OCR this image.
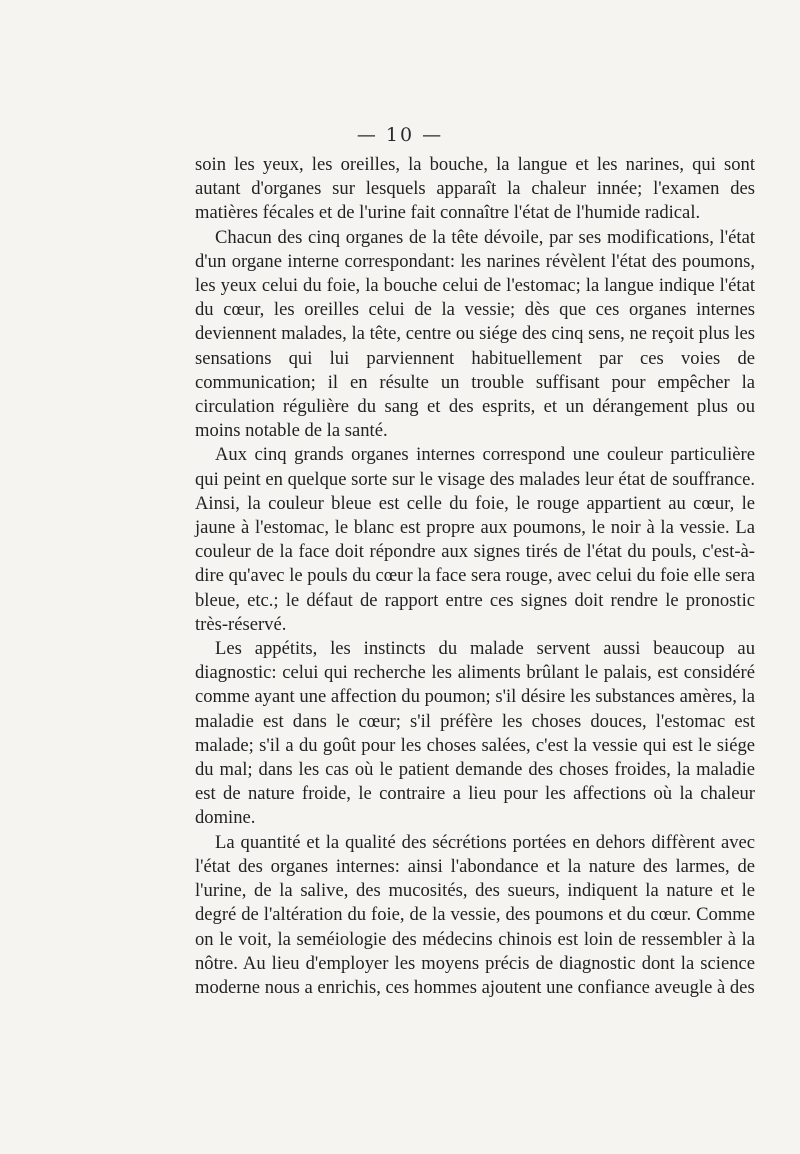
— 10 —

soin les yeux, les oreilles, la bouche, la langue et les narines, qui sont autant d'organes sur lesquels apparaît la chaleur innée; l'examen des matières fécales et de l'urine fait connaître l'état de l'humide radical.

Chacun des cinq organes de la tête dévoile, par ses modifications, l'état d'un organe interne correspondant: les narines révèlent l'état des poumons, les yeux celui du foie, la bouche celui de l'estomac; la langue indique l'état du cœur, les oreilles celui de la vessie; dès que ces organes internes deviennent malades, la tête, centre ou siége des cinq sens, ne reçoit plus les sensations qui lui parviennent habituellement par ces voies de communication; il en résulte un trouble suffisant pour empêcher la circulation régulière du sang et des esprits, et un dérangement plus ou moins notable de la santé.

Aux cinq grands organes internes correspond une couleur particulière qui peint en quelque sorte sur le visage des malades leur état de souffrance. Ainsi, la couleur bleue est celle du foie, le rouge appartient au cœur, le jaune à l'estomac, le blanc est propre aux poumons, le noir à la vessie. La couleur de la face doit répondre aux signes tirés de l'état du pouls, c'est-à-dire qu'avec le pouls du cœur la face sera rouge, avec celui du foie elle sera bleue, etc.; le défaut de rapport entre ces signes doit rendre le pronostic très-réservé.

Les appétits, les instincts du malade servent aussi beaucoup au diagnostic: celui qui recherche les aliments brûlant le palais, est considéré comme ayant une affection du poumon; s'il désire les substances amères, la maladie est dans le cœur; s'il préfère les choses douces, l'estomac est malade; s'il a du goût pour les choses salées, c'est la vessie qui est le siége du mal; dans les cas où le patient demande des choses froides, la maladie est de nature froide, le contraire a lieu pour les affections où la chaleur domine.

La quantité et la qualité des sécrétions portées en dehors diffèrent avec l'état des organes internes: ainsi l'abondance et la nature des larmes, de l'urine, de la salive, des mucosités, des sueurs, indiquent la nature et le degré de l'altération du foie, de la vessie, des poumons et du cœur. Comme on le voit, la seméiologie des médecins chinois est loin de ressembler à la nôtre. Au lieu d'employer les moyens précis de diagnostic dont la science moderne nous a enrichis, ces hommes ajoutent une confiance aveugle à des
